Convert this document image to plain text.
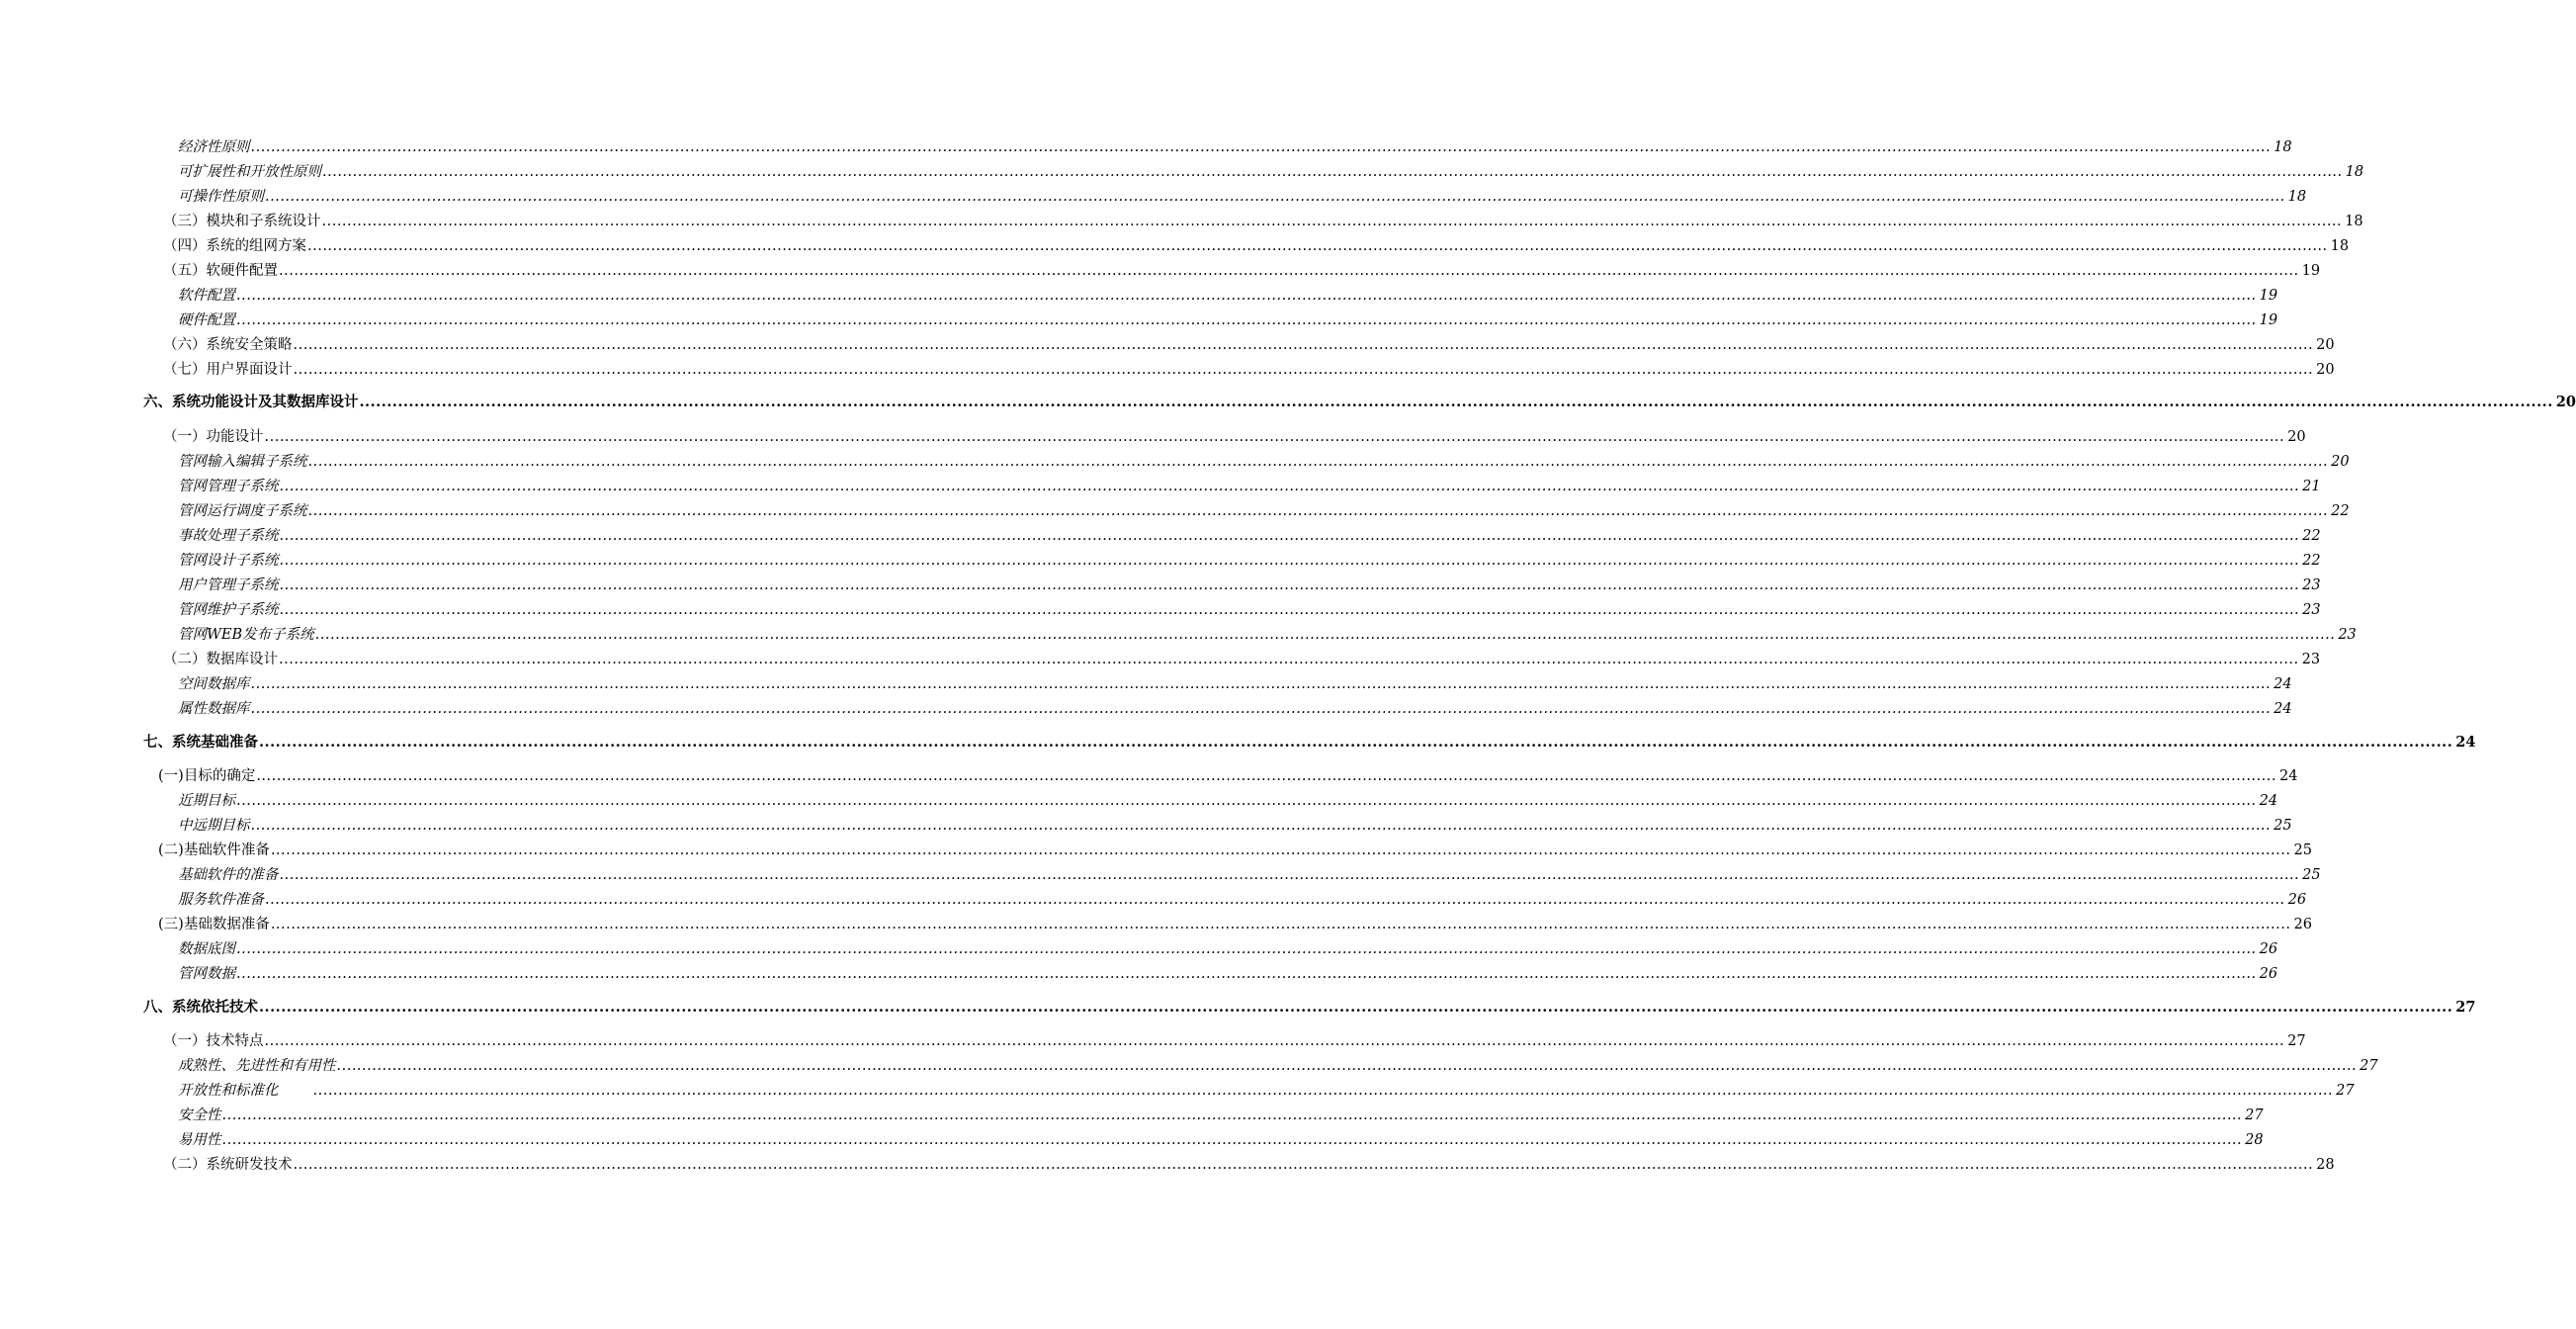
经济性原则 ................................................................................................................................................................................................................................................................................................................................................................................................................ 18
可扩展性和开放性原则 ................................................................................................................................................................................................................................................................................................................................................................................................................ 18
可操作性原则 ................................................................................................................................................................................................................................................................................................................................................................................................................ 18
（三）模块和子系统设计 ................................................................................................................................................................................................................................................................................................................................................................................................................ 18
（四）系统的组网方案 ................................................................................................................................................................................................................................................................................................................................................................................................................ 18
（五）软硬件配置 ................................................................................................................................................................................................................................................................................................................................................................................................................ 19
软件配置 ................................................................................................................................................................................................................................................................................................................................................................................................................ 19
硬件配置 ................................................................................................................................................................................................................................................................................................................................................................................................................ 19
（六）系统安全策略 ................................................................................................................................................................................................................................................................................................................................................................................................................ 20
（七）用户界面设计 ................................................................................................................................................................................................................................................................................................................................................................................................................ 20
六、系统功能设计及其数据库设计 ................................................................................................................................................................................................................................................................................................................................................................................................................ 20
（一）功能设计 ................................................................................................................................................................................................................................................................................................................................................................................................................ 20
管网输入编辑子系统 ................................................................................................................................................................................................................................................................................................................................................................................................................ 20
管网管理子系统 ................................................................................................................................................................................................................................................................................................................................................................................................................ 21
管网运行调度子系统 ................................................................................................................................................................................................................................................................................................................................................................................................................ 22
事故处理子系统 ................................................................................................................................................................................................................................................................................................................................................................................................................ 22
管网设计子系统 ................................................................................................................................................................................................................................................................................................................................................................................................................ 22
用户管理子系统 ................................................................................................................................................................................................................................................................................................................................................................................................................ 23
管网维护子系统 ................................................................................................................................................................................................................................................................................................................................................................................................................ 23
管网WEB发布子系统 ................................................................................................................................................................................................................................................................................................................................................................................................................ 23
（二）数据库设计 ................................................................................................................................................................................................................................................................................................................................................................................................................ 23
空间数据库 ................................................................................................................................................................................................................................................................................................................................................................................................................ 24
属性数据库 ................................................................................................................................................................................................................................................................................................................................................................................................................ 24
七、系统基础准备 ................................................................................................................................................................................................................................................................................................................................................................................................................ 24
(一)目标的确定 ................................................................................................................................................................................................................................................................................................................................................................................................................ 24
近期目标 ................................................................................................................................................................................................................................................................................................................................................................................................................ 24
中远期目标 ................................................................................................................................................................................................................................................................................................................................................................................................................ 25
(二)基础软件准备 ................................................................................................................................................................................................................................................................................................................................................................................................................ 25
基础软件的准备 ................................................................................................................................................................................................................................................................................................................................................................................................................ 25
服务软件准备 ................................................................................................................................................................................................................................................................................................................................................................................................................ 26
(三)基础数据准备 ................................................................................................................................................................................................................................................................................................................................................................................................................ 26
数据底图 ................................................................................................................................................................................................................................................................................................................................................................................................................ 26
管网数据 ................................................................................................................................................................................................................................................................................................................................................................................................................ 26
八、系统依托技术 ................................................................................................................................................................................................................................................................................................................................................................................................................ 27
（一）技术特点 ................................................................................................................................................................................................................................................................................................................................................................................................................ 27
成熟性、先进性和有用性 ................................................................................................................................................................................................................................................................................................................................................................................................................ 27
开放性和标准化 ................................................................................................................................................................................................................................................................................................................................................................................................................ 27
安全性 ................................................................................................................................................................................................................................................................................................................................................................................................................ 27
易用性 ................................................................................................................................................................................................................................................................................................................................................................................................................ 28
（二）系统研发技术 ................................................................................................................................................................................................................................................................................................................................................................................................................ 28
